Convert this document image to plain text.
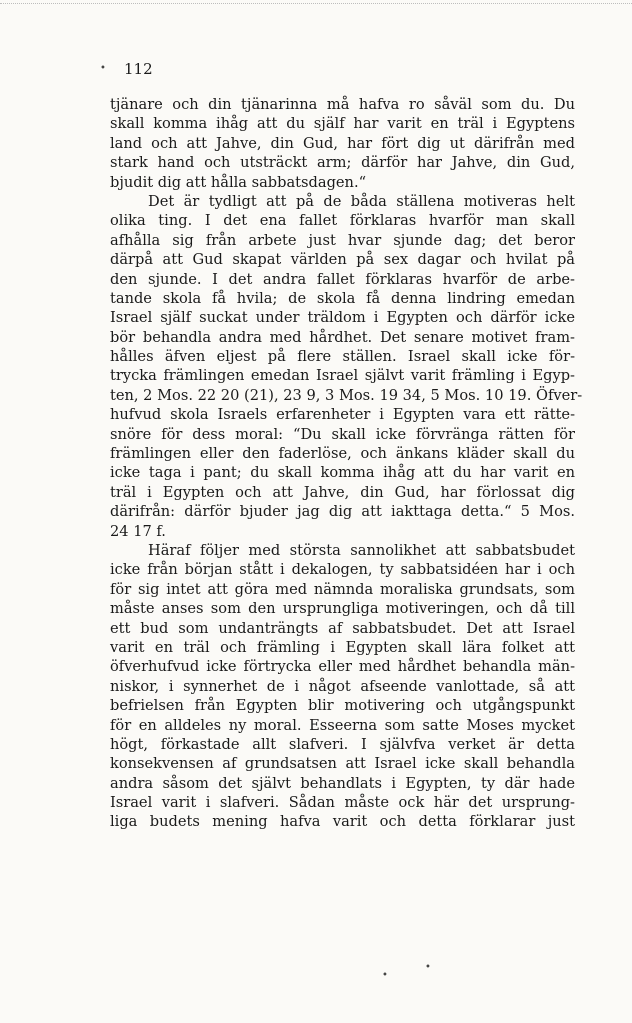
• 112
tjänare och din tjänarinna må hafva ro såväl som du. Du
skall komma ihåg att du själf har varit en träl i Egyptens
land och att Jahve, din Gud, har fört dig ut därifrån med
stark hand och utsträckt arm; därför har Jahve, din Gud,
bjudit dig att hålla sabbatsdagen.“
Det är tydligt att på de båda ställena motiveras helt
olika ting. I det ena fallet förklaras hvarför man skall
afhålla sig från arbete just hvar sjunde dag; det beror
därpå att Gud skapat världen på sex dagar och hvilat på
den sjunde. I det andra fallet förklaras hvarför de arbe-
tande skola få hvila; de skola få denna lindring emedan
Israel själf suckat under träldom i Egypten och därför icke
bör behandla andra med hårdhet. Det senare motivet fram-
hålles äfven eljest på flere ställen. Israel skall icke för-
trycka främlingen emedan Israel självt varit främling i Egyp-
ten, 2 Mos. 22 20 (21), 23 9, 3 Mos. 19 34, 5 Mos. 10 19. Öfver-
hufvud skola Israels erfarenheter i Egypten vara ett rätte-
snöre för dess moral: “Du skall icke förvränga rätten för
främlingen eller den faderlöse, och änkans kläder skall du
icke taga i pant; du skall komma ihåg att du har varit en
träl i Egypten och att Jahve, din Gud, har förlossat dig
därifrån: därför bjuder jag dig att iakttaga detta.“ 5 Mos.
24 17 f.
Häraf följer med största sannolikhet att sabbatsbudet
icke från början stått i dekalogen, ty sabbatsidéen har i och
för sig intet att göra med nämnda moraliska grundsats, som
måste anses som den ursprungliga motiveringen, och då till
ett bud som undanträngts af sabbatsbudet. Det att Israel
varit en träl och främling i Egypten skall lära folket att
öfverhufvud icke förtrycka eller med hårdhet behandla män-
niskor, i synnerhet de i något afseende vanlottade, så att
befrielsen från Egypten blir motivering och utgångspunkt
för en alldeles ny moral. Esseerna som satte Moses mycket
högt, förkastade allt slafveri. I självfva verket är detta
konsekvensen af grundsatsen att Israel icke skall behandla
andra såsom det självt behandlats i Egypten, ty där hade
Israel varit i slafveri. Sådan måste ock här det ursprung-
liga budets mening hafva varit och detta förklarar just
•
•
